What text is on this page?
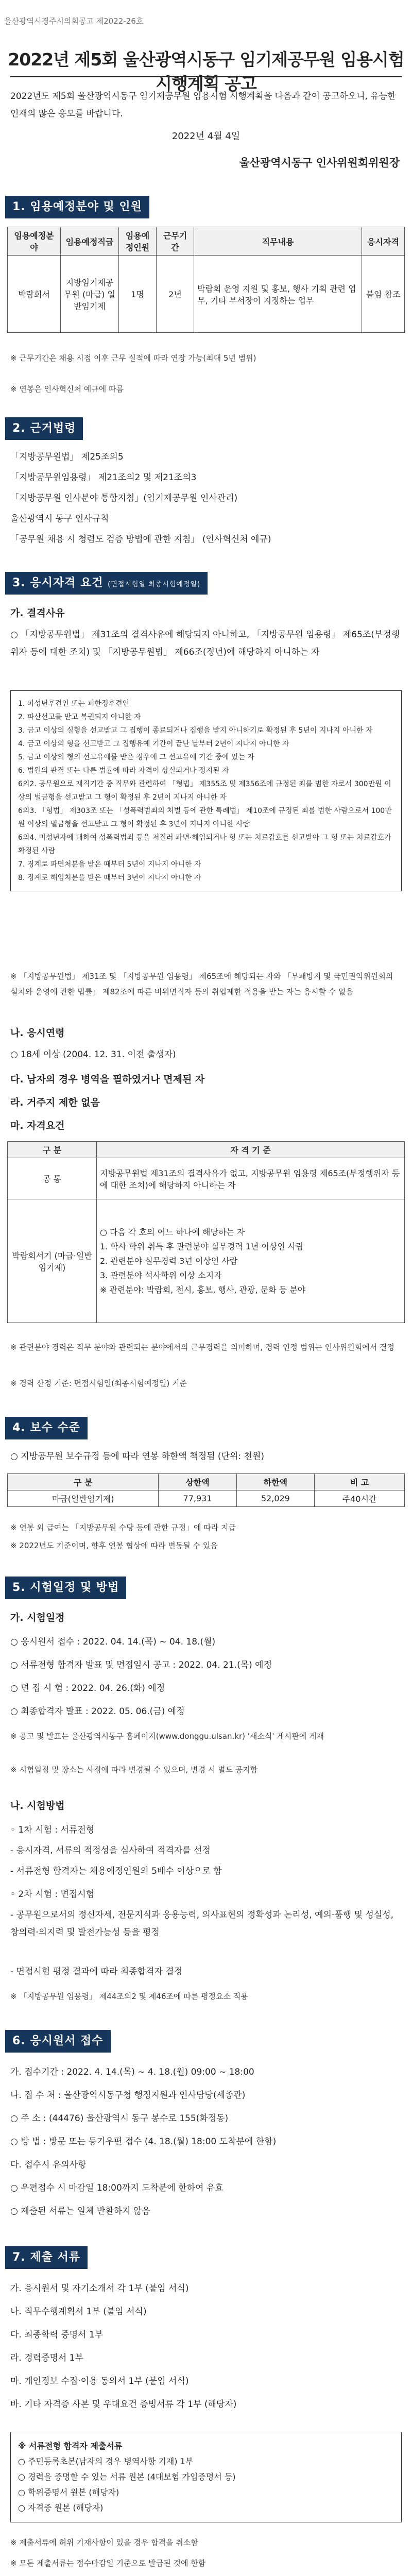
울산광역시경주시의회공고 제2022-26호
2022년 제5회 울산광역시동구 임기제공무원 임용시험 시행계획 공고
2022년도 제5회 울산광역시동구 임기제공무원 임용시험 시행계획을 다음과 같이 공고하오니, 유능한 인재의 많은 응모를 바랍니다.
2022년 4월 4일
울산광역시동구 인사위원회위원장
1. 임용예정분야 및 인원
임용예정분야	임용예정직급	임용예정인원	근무기간	직무내용	응시자격
박람회서	지방임기제공무원 (마급) 일반임기제	1명	2년	박람회 운영 지원 및 홍보, 행사 기획 관련 업무, 기타 부서장이 지정하는 업무	붙임 참조
※ 근무기간은 채용 시점 이후 근무 실적에 따라 연장 가능(최대 5년 범위)
※ 연봉은 인사혁신처 예규에 따름
2. 근거법령
「지방공무원법」 제25조의5
「지방공무원임용령」 제21조의2 및 제21조의3
「지방공무원 인사분야 통합지침」(임기제공무원 인사관리)
울산광역시 동구 인사규칙
「공무원 채용 시 청렴도 검증 방법에 관한 지침」 (인사혁신처 예규)
3. 응시자격 요건 (면접시험일 최종시험예정일)
가. 결격사유
○ 「지방공무원법」 제31조의 결격사유에 해당되지 아니하고, 「지방공무원 임용령」 제65조(부정행위자 등에 대한 조치) 및 「지방공무원법」 제66조(정년)에 해당하지 아니하는 자
1. 피성년후견인 또는 피한정후견인
2. 파산선고를 받고 복권되지 아니한 자
3. 금고 이상의 실형을 선고받고 그 집행이 종료되거나 집행을 받지 아니하기로 확정된 후 5년이 지나지 아니한 자
4. 금고 이상의 형을 선고받고 그 집행유예 기간이 끝난 날부터 2년이 지나지 아니한 자
5. 금고 이상의 형의 선고유예를 받은 경우에 그 선고유예 기간 중에 있는 자
6. 법원의 판결 또는 다른 법률에 따라 자격이 상실되거나 정지된 자
6의2. 공무원으로 재직기간 중 직무와 관련하여 「형법」 제355조 및 제356조에 규정된 죄를 범한 자로서 300만원 이상의 벌금형을 선고받고 그 형이 확정된 후 2년이 지나지 아니한 자
6의3. 「형법」 제303조 또는 「성폭력범죄의 처벌 등에 관한 특례법」 제10조에 규정된 죄를 범한 사람으로서 100만원 이상의 벌금형을 선고받고 그 형이 확정된 후 3년이 지나지 아니한 사람
6의4. 미성년자에 대하여 성폭력범죄 등을 저질러 파면·해임되거나 형 또는 치료감호를 선고받아 그 형 또는 치료감호가 확정된 사람
7. 징계로 파면처분을 받은 때부터 5년이 지나지 아니한 자
8. 징계로 해임처분을 받은 때부터 3년이 지나지 아니한 자
※ 「지방공무원법」 제31조 및 「지방공무원 임용령」 제65조에 해당되는 자와 「부패방지 및 국민권익위원회의 설치와 운영에 관한 법률」 제82조에 따른 비위면직자 등의 취업제한 적용을 받는 자는 응시할 수 없음
나. 응시연령
○ 18세 이상 (2004. 12. 31. 이전 출생자)
다. 남자의 경우 병역을 필하였거나 면제된 자
라. 거주지 제한 없음
마. 자격요건
구 분	자 격 기 준
공 통	지방공무원법 제31조의 결격사유가 없고, 지방공무원 임용령 제65조(부정행위자 등에 대한 조치)에 해당하지 아니하는 자
박람회서기 (마급·일반임기제)	○ 다음 각 호의 어느 하나에 해당하는 자
1. 학사 학위 취득 후 관련분야 실무경력 1년 이상인 사람
2. 관련분야 실무경력 3년 이상인 사람
3. 관련분야 석사학위 이상 소지자
※ 관련분야: 박람회, 전시, 홍보, 행사, 관광, 문화 등 분야
※ 관련분야 경력은 직무 분야와 관련되는 분야에서의 근무경력을 의미하며, 경력 인정 범위는 인사위원회에서 결정
※ 경력 산정 기준: 면접시험일(최종시험예정일) 기준
4. 보수 수준
○ 지방공무원 보수규정 등에 따라 연봉 하한액 책정됨 (단위: 천원)
구 분	상한액	하한액	비 고
마급(일반임기제)	77,931	52,029	주40시간
※ 연봉 외 급여는 「지방공무원 수당 등에 관한 규정」에 따라 지급
※ 2022년도 기준이며, 향후 연봉 협상에 따라 변동될 수 있음
5. 시험일정 및 방법
가. 시험일정
○ 응시원서 접수 : 2022. 04. 14.(목) ~ 04. 18.(월)
○ 서류전형 합격자 발표 및 면접일시 공고 : 2022. 04. 21.(목) 예정
○ 면 접 시 험 : 2022. 04. 26.(화) 예정
○ 최종합격자 발표 : 2022. 05. 06.(금) 예정
※ 공고 및 발표는 울산광역시동구 홈페이지(www.donggu.ulsan.kr) '새소식' 게시판에 게재
※ 시험일정 및 장소는 사정에 따라 변경될 수 있으며, 변경 시 별도 공지함
나. 시험방법
◦ 1차 시험 : 서류전형
- 응시자격, 서류의 적정성을 심사하여 적격자를 선정
- 서류전형 합격자는 채용예정인원의 5배수 이상으로 함
◦ 2차 시험 : 면접시험
- 공무원으로서의 정신자세, 전문지식과 응용능력, 의사표현의 정확성과 논리성, 예의·품행 및 성실성, 창의력·의지력 및 발전가능성 등을 평정
- 면접시험 평정 결과에 따라 최종합격자 결정
※ 「지방공무원 임용령」 제44조의2 및 제46조에 따른 평정요소 적용
6. 응시원서 접수
가. 접수기간 : 2022. 4. 14.(목) ~ 4. 18.(월) 09:00 ~ 18:00
나. 접 수 처 : 울산광역시동구청 행정지원과 인사담당(세종관)
○ 주 소 : (44476) 울산광역시 동구 봉수로 155(화정동)
○ 방 법 : 방문 또는 등기우편 접수 (4. 18.(월) 18:00 도착분에 한함)
다. 접수시 유의사항
○ 우편접수 시 마감일 18:00까지 도착분에 한하여 유효
○ 제출된 서류는 일체 반환하지 않음
7. 제출 서류
가. 응시원서 및 자기소개서 각 1부 (붙임 서식)
나. 직무수행계획서 1부 (붙임 서식)
다. 최종학력 증명서 1부
라. 경력증명서 1부
마. 개인정보 수집·이용 동의서 1부 (붙임 서식)
바. 기타 자격증 사본 및 우대요건 증빙서류 각 1부 (해당자)
※ 서류전형 합격자 제출서류
○ 주민등록초본(남자의 경우 병역사항 기재) 1부
○ 경력을 증명할 수 있는 서류 원본 (4대보험 가입증명서 등)
○ 학위증명서 원본 (해당자)
○ 자격증 원본 (해당자)
※ 제출서류에 허위 기재사항이 있을 경우 합격을 취소함
※ 모든 제출서류는 접수마감일 기준으로 발급된 것에 한함
